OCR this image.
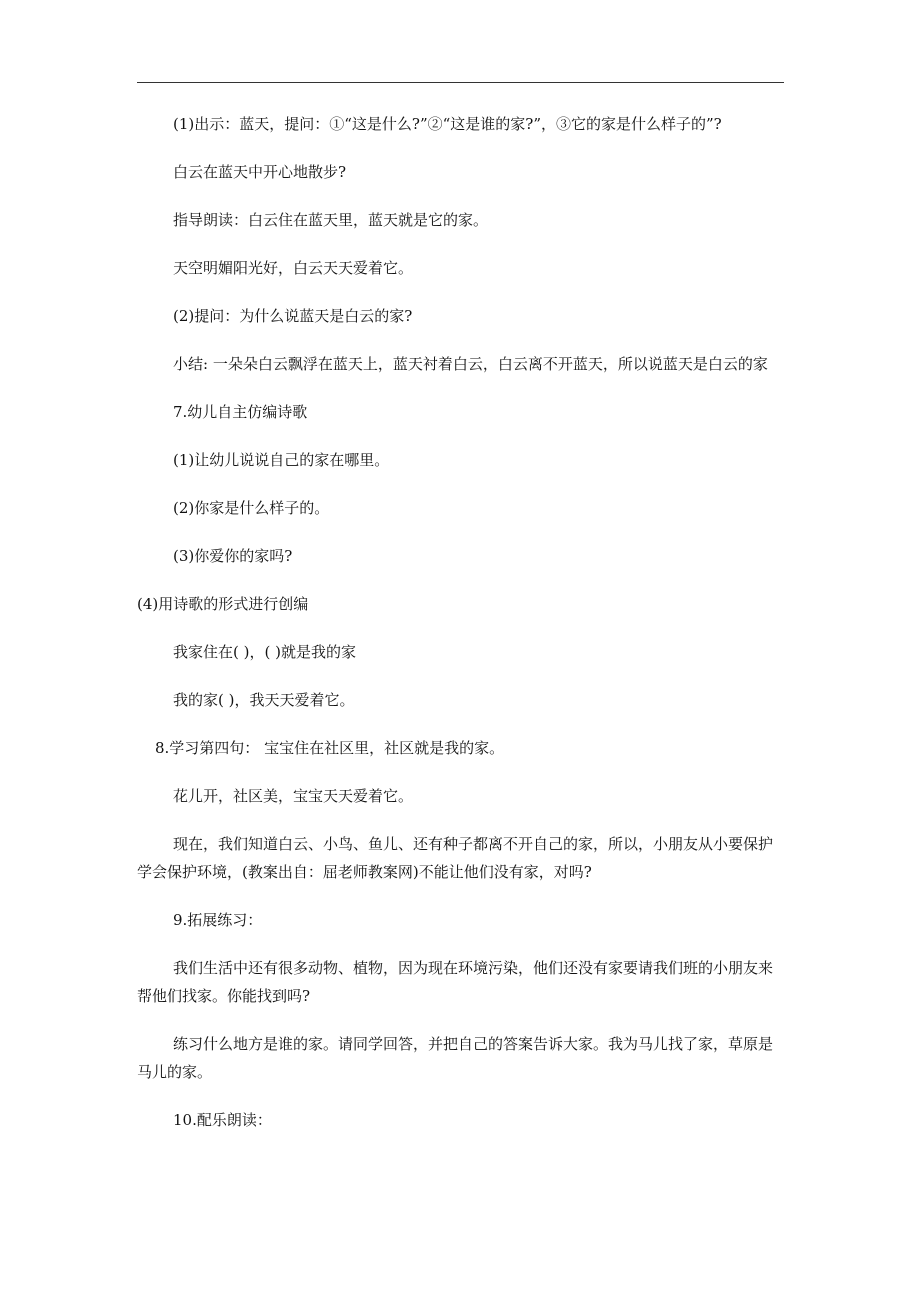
(1)出示：蓝天，提问：①“这是什么?”②“这是谁的家?”，③它的家是什么样子的”?

白云在蓝天中开心地散步?

指导朗读：白云住在蓝天里，蓝天就是它的家。

天空明媚阳光好，白云天天爱着它。

(2)提问：为什么说蓝天是白云的家?

小结: 一朵朵白云飘浮在蓝天上，蓝天衬着白云，白云离不开蓝天，所以说蓝天是白云的家

7.幼儿自主仿编诗歌

(1)让幼儿说说自己的家在哪里。

(2)你家是什么样子的。

(3)你爱你的家吗?

(4)用诗歌的形式进行创编

我家住在( )，( )就是我的家

我的家( )，我天天爱着它。

8.学习第四句： 宝宝住在社区里，社区就是我的家。

花儿开，社区美，宝宝天天爱着它。

现在，我们知道白云、小鸟、鱼儿、还有种子都离不开自己的家，所以，小朋友从小要保护学会保护环境，(教案出自：屈老师教案网)不能让他们没有家，对吗?

9.拓展练习：

我们生活中还有很多动物、植物，因为现在环境污染，他们还没有家要请我们班的小朋友来帮他们找家。你能找到吗?

练习什么地方是谁的家。请同学回答，并把自己的答案告诉大家。我为马儿找了家，草原是马儿的家。

10.配乐朗读：
